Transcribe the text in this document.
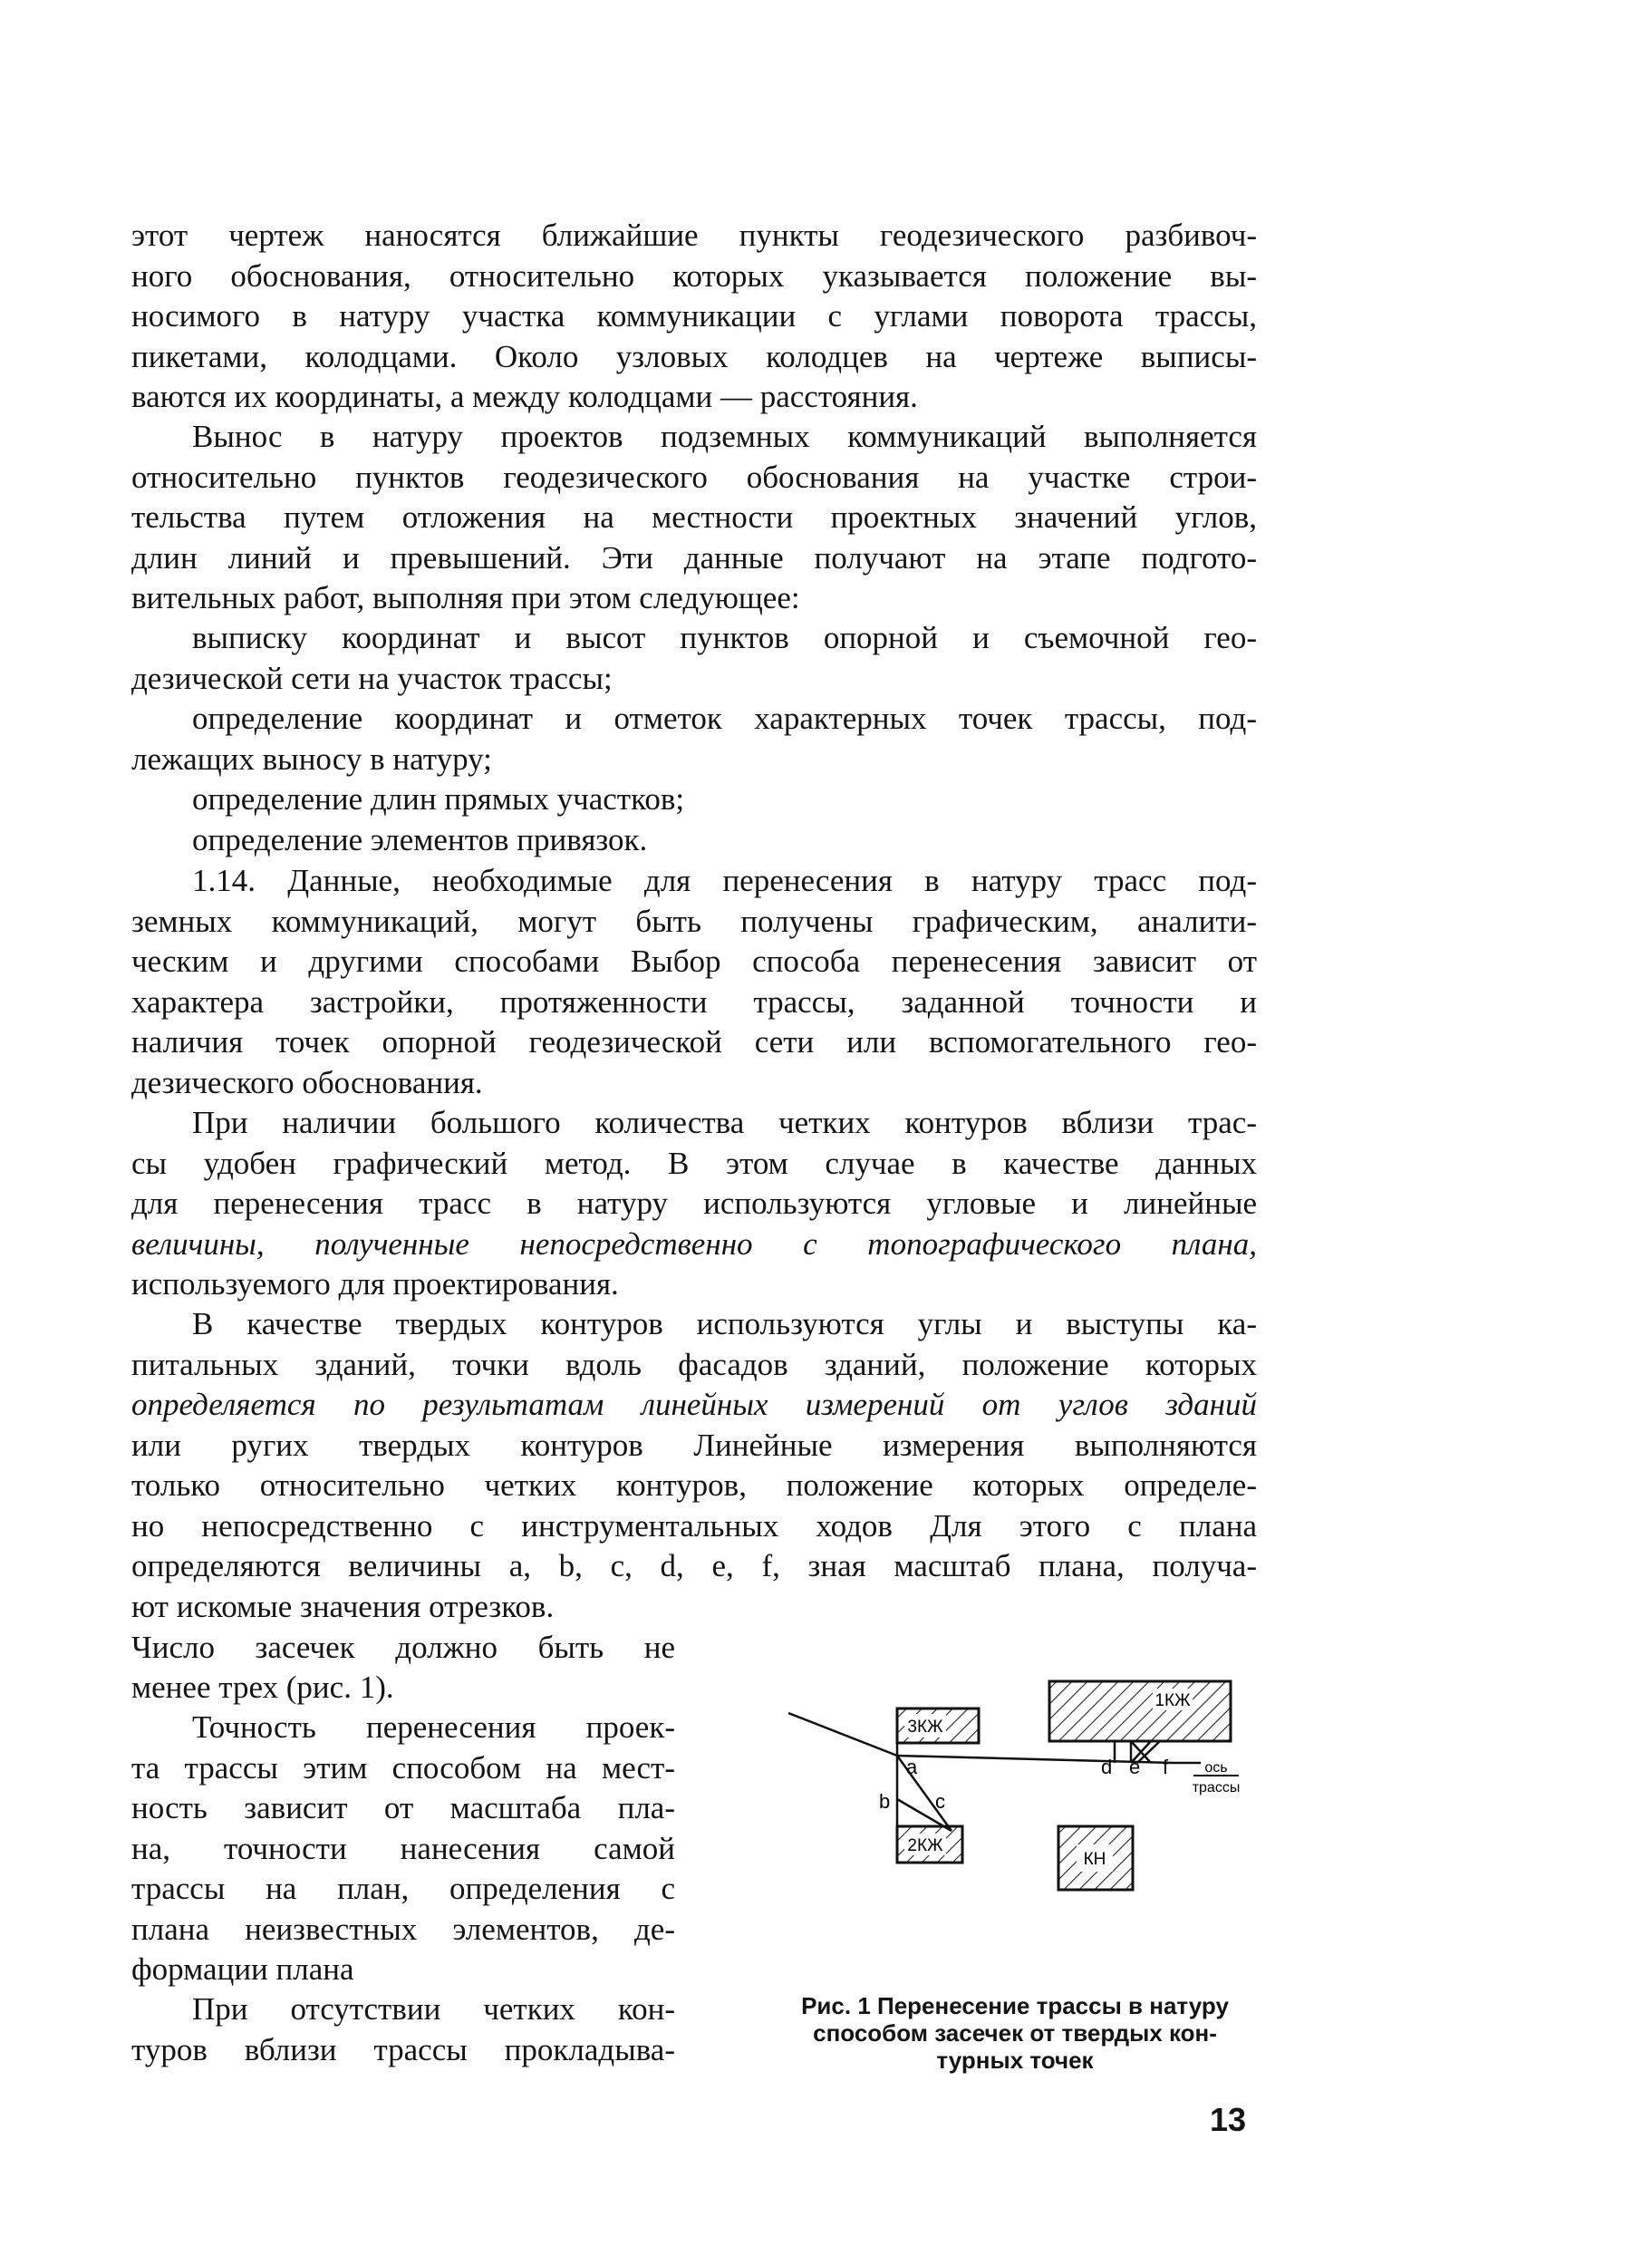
этот чертеж наносятся ближайшие пункты геодезического разбивоч-
ного обоснования, относительно которых указывается положение вы-
носимого в натуру участка коммуникации с углами поворота трассы,
пикетами, колодцами. Около узловых колодцев на чертеже выписы-
ваются их координаты, а между колодцами — расстояния.
Вынос в натуру проектов подземных коммуникаций выполняется
относительно пунктов геодезического обоснования на участке строи-
тельства путем отложения на местности проектных значений углов,
длин линий и превышений. Эти данные получают на этапе подгото-
вительных работ, выполняя при этом следующее:
выписку координат и высот пунктов опорной и съемочной гео-
дезической сети на участок трассы;
определение координат и отметок характерных точек трассы, под-
лежащих выносу в натуру;
определение длин прямых участков;
определение элементов привязок.
1.14. Данные, необходимые для перенесения в натуру трасс под-
земных коммуникаций, могут быть получены графическим, аналити-
ческим и другими способами Выбор способа перенесения зависит от
характера застройки, протяженности трассы, заданной точности и
наличия точек опорной геодезической сети или вспомогательного гео-
дезического обоснования.
При наличии большого количества четких контуров вблизи трас-
сы удобен графический метод. В этом случае в качестве данных
для перенесения трасс в натуру используются угловые и линейные
величины, полученные непосредственно с топографического плана,
используемого для проектирования.
В качестве твердых контуров используются углы и выступы ка-
питальных зданий, точки вдоль фасадов зданий, положение которых
определяется по результатам линейных измерений от углов зданий
или ругих твердых контуров Линейные измерения выполняются
только относительно четких контуров, положение которых определе-
но непосредственно с инструментальных ходов Для этого с плана
определяются величины a, b, c, d, e, f, зная масштаб плана, получа-
ют искомые значения отрезков.
Число засечек должно быть не
менее трех (рис. 1).
Точность перенесения проек-
та трассы этим способом на мест-
ность зависит от масштаба пла-
на, точности нанесения самой
трассы на план, определения с
плана неизвестных элементов, де-
формации плана
При отсутствии четких кон-
туров вблизи трассы прокладыва-
1КЖ
3КЖ
2КЖ
КН
a
b c
d e f	ось
трассы
Рис. 1 Перенесение трассы в натуру
способом засечек от твердых кон-
турных точек
13
